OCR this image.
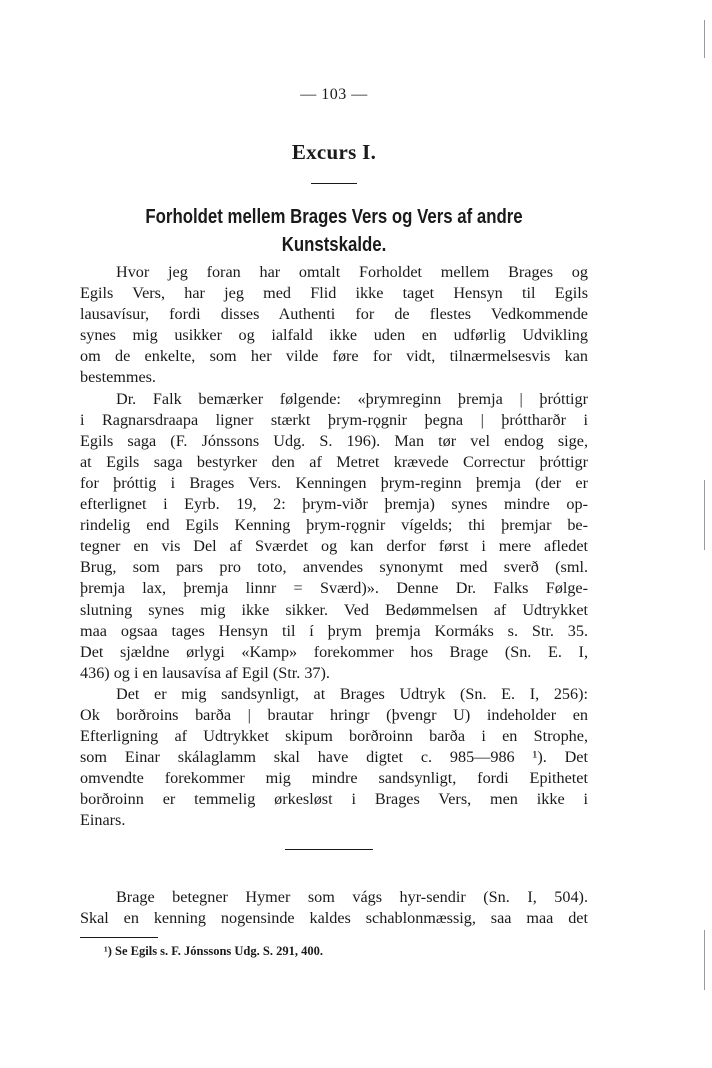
— 103 —
Excurs I.
Forholdet mellem Brages Vers og Vers af andre
Kunstskalde.
Hvor jeg foran har omtalt Forholdet mellem Brages og
Egils Vers, har jeg med Flid ikke taget Hensyn til Egils
lausavísur, fordi disses Authenti for de flestes Vedkommende
synes mig usikker og ialfald ikke uden en udførlig Udvikling
om de enkelte, som her vilde føre for vidt, tilnærmelsesvis kan
bestemmes.
Dr. Falk bemærker følgende: «þrymreginn þremja | þróttigr
i Ragnarsdraapa ligner stærkt þrym-rǫgnir þegna | þróttharðr i
Egils saga (F. Jónssons Udg. S. 196). Man tør vel endog sige,
at Egils saga bestyrker den af Metret krævede Correctur þróttigr
for þróttig i Brages Vers. Kenningen þrym-reginn þremja (der er
efterlignet i Eyrb. 19, 2: þrym-viðr þremja) synes mindre op-
rindelig end Egils Kenning þrym-rǫgnir vígelds; thi þremjar be-
tegner en vis Del af Sværdet og kan derfor først i mere afledet
Brug, som pars pro toto, anvendes synonymt med sverð (sml.
þremja lax, þremja linnr = Sværd)». Denne Dr. Falks Følge-
slutning synes mig ikke sikker. Ved Bedømmelsen af Udtrykket
maa ogsaa tages Hensyn til í þrym þremja Kormáks s. Str. 35.
Det sjældne ørlygi «Kamp» forekommer hos Brage (Sn. E. I,
436) og i en lausavísa af Egil (Str. 37).
Det er mig sandsynligt, at Brages Udtryk (Sn. E. I, 256):
Ok borðroins barða | brautar hringr (þvengr U) indeholder en
Efterligning af Udtrykket skipum borðroinn barða i en Strophe,
som Einar skálaglamm skal have digtet c. 985—986 ¹). Det
omvendte forekommer mig mindre sandsynligt, fordi Epithetet
borðroinn er temmelig ørkesløst i Brages Vers, men ikke i
Einars.
Brage betegner Hymer som vágs hyr-sendir (Sn. I, 504).
Skal en kenning nogensinde kaldes schablonmæssig, saa maa det
¹) Se Egils s. F. Jónssons Udg. S. 291, 400.
